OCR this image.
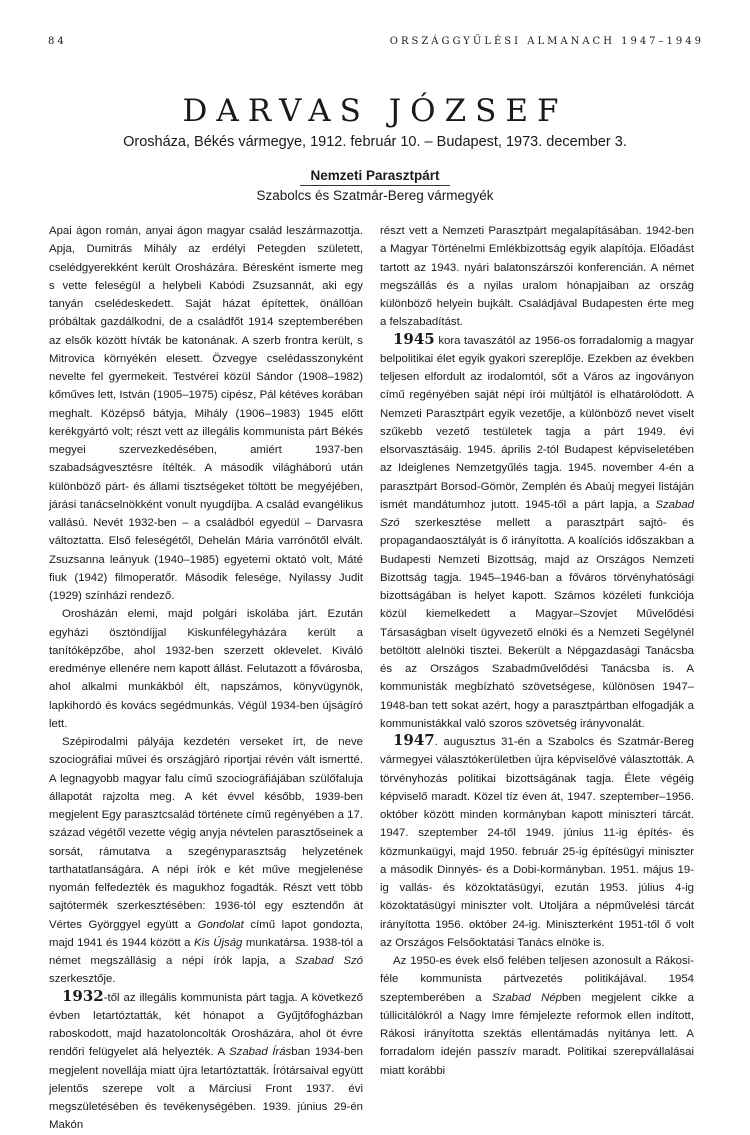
84	ORSZÁGGYŰLÉSI ALMANACH 1947–1949
DARVAS JÓZSEF
Orosháza, Békés vármegye, 1912. február 10. – Budapest, 1973. december 3.
Nemzeti Parasztpárt
Szabolcs és Szatmár-Bereg vármegyék

Apai ágon román, anyai ágon magyar család leszármazottja. Apja, Dumitrás Mihály az erdélyi Petegden született, cselédgyerekként került Orosházára. Béresként ismerte meg s vette feleségül a helybeli Kabódi Zsuzsannát, aki egy tanyán cselédeskedett. Saját házat építettek, önállóan próbáltak gazdálkodni, de a családfőt 1914 szeptemberében az elsők között hívták be katonának. A szerb frontra került, s Mitrovica környékén elesett. Özvegye cselédasszonyként nevelte fel gyermekeit. Testvérei közül Sándor (1908–1982) kőműves lett, István (1905–1975) cipész, Pál kétéves korában meghalt. Középső bátyja, Mihály (1906–1983) 1945 előtt kerékgyártó volt; részt vett az illegális kommunista párt Békés megyei szervezkedésében, amiért 1937-ben szabadságvesztésre ítélték. A második világháború után különböző párt- és állami tisztségeket töltött be megyéjében, járási tanácselnökként vonult nyugdíjba. A család evangélikus vallású. Nevét 1932-ben – a családból egyedül – Darvasra változtatta. Első feleségétől, Dehelán Mária varrónőtől elvált. Zsuzsanna leányuk (1940–1985) egyetemi oktató volt, Máté fiuk (1942) filmoperatőr. Második felesége, Nyilassy Judit (1929) színházi rendező.

Orosházán elemi, majd polgári iskolába járt. Ezután egyházi ösztöndíjjal Kiskunfélegyházára került a tanítóképzőbe, ahol 1932-ben szerzett oklevelet. Kiváló eredménye ellenére nem kapott állást. Felutazott a fővárosba, ahol alkalmi munkákból élt, napszámos, könyvügynök, lapkihordó és kovács segédmunkás. Végül 1934-ben újságíró lett.

Szépirodalmi pályája kezdetén verseket írt, de neve szociográfiai művei és országjáró riportjai révén vált ismertté. A legnagyobb magyar falu című szociográfiájában szülőfaluja állapotát rajzolta meg. A két évvel később, 1939-ben megjelent Egy parasztcsalád története című regényében a 17. század végétől vezette végig anyja névtelen parasztőseinek a sorsát, rámutatva a szegényparasztság helyzetének tarthatatlanságára. A népi írók e két műve megjelenése nyomán felfedezték és magukhoz fogadták. Részt vett több sajtótermék szerkesztésében: 1936-tól egy esztendőn át Vértes Györggyel együtt a Gondolat című lapot gondozta, majd 1941 és 1944 között a Kis Újság munkatársa. 1938-tól a német megszállásig a népi írók lapja, a Szabad Szó szerkesztője.

1932-től az illegális kommunista párt tagja. A következő évben letartóztatták, két hónapot a Gyűjtőfogházban raboskodott, majd hazatoloncolták Orosházára, ahol öt évre rendőri felügyelet alá helyezték. A Szabad Írásban 1934-ben megjelent novellája miatt újra letartóztatták. Írótársaival együtt jelentős szerepe volt a Márciusi Front 1937. évi megszületésében és tevékenységében. 1939. június 29-én Makón

részt vett a Nemzeti Parasztpárt megalapításában. 1942-ben a Magyar Történelmi Emlékbizottság egyik alapítója. Előadást tartott az 1943. nyári balatonszárszói konferencián. A német megszállás és a nyilas uralom hónapjaiban az ország különböző helyein bujkált. Családjával Budapesten érte meg a felszabadítást.

1945 kora tavaszától az 1956-os forradalomig a magyar belpolitikai élet egyik gyakori szereplője. Ezekben az években teljesen elfordult az irodalomtól, sőt a Város az ingoványon című regényében saját népi írói múltjától is elhatárolódott. A Nemzeti Parasztpárt egyik vezetője, a különböző nevet viselt szűkebb vezető testületek tagja a párt 1949. évi elsorvasztásáig. 1945. április 2-tól Budapest képviseletében az Ideiglenes Nemzetgyűlés tagja. 1945. november 4-én a parasztpárt Borsod-Gömör, Zemplén és Abaúj megyei listáján ismét mandátumhoz jutott. 1945-től a párt lapja, a Szabad Szó szerkesztése mellett a parasztpárt sajtó- és propagandaosztályát is ő irányította. A koalíciós időszakban a Budapesti Nemzeti Bizottság, majd az Országos Nemzeti Bizottság tagja. 1945–1946-ban a főváros törvényhatósági bizottságában is helyet kapott. Számos közéleti funkciója közül kiemelkedett a Magyar–Szovjet Művelődési Társaságban viselt ügyvezető elnöki és a Nemzeti Segélynél betöltött alelnöki tisztei. Bekerült a Népgazdasági Tanácsba és az Országos Szabadművelődési Tanácsba is. A kommunisták megbízható szövetségese, különösen 1947–1948-ban tett sokat azért, hogy a parasztpártban elfogadják a kommunistákkal való szoros szövetség irányvonalát.

1947. augusztus 31-én a Szabolcs és Szatmár-Bereg vármegyei választókerületben újra képviselővé választották. A törvényhozás politikai bizottságának tagja. Élete végéig képviselő maradt. Közel tíz éven át, 1947. szeptember–1956. október között minden kormányban kapott miniszteri tárcát. 1947. szeptember 24-től 1949. június 11-ig építés- és közmunkaügyi, majd 1950. február 25-ig építésügyi miniszter a második Dinnyés- és a Dobi-kormányban. 1951. május 19-ig vallás- és közoktatásügyi, ezután 1953. július 4-ig közoktatásügyi miniszter volt. Utoljára a népművelési tárcát irányította 1956. október 24-ig. Miniszterként 1951-től ő volt az Országos Felsőoktatási Tanács elnöke is.

Az 1950-es évek első felében teljesen azonosult a Rákosi-féle kommunista pártvezetés politikájával. 1954 szeptemberében a Szabad Népben megjelent cikke a túllicitálókról a Nagy Imre fémjelezte reformok ellen indított, Rákosi irányította szektás ellentámadás nyitánya lett. A forradalom idején passzív maradt. Politikai szerepvállalásai miatt korábbi
